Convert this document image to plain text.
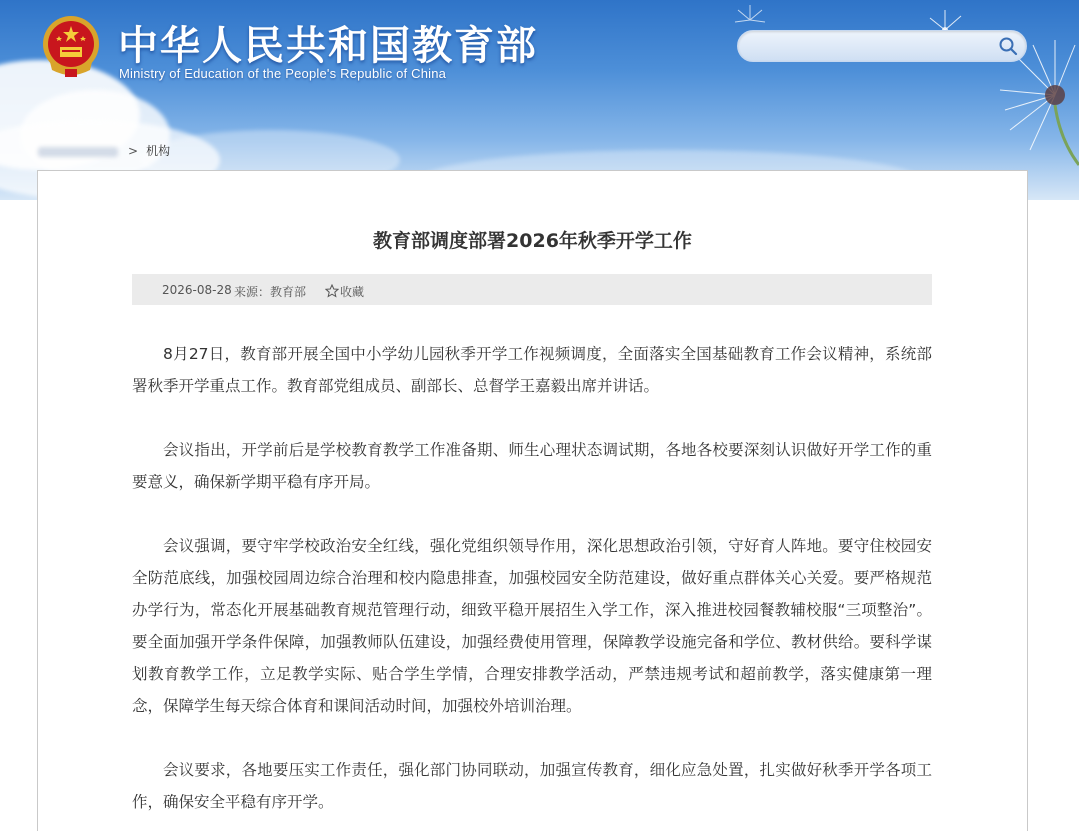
中华人民共和国教育部
Ministry of Education of the People's Republic of China
> 机构
教育部调度部署2026年秋季开学工作
2026-08-28 来源：教育部	收藏

8月27日，教育部开展全国中小学幼儿园秋季开学工作视频调度，全面落实全国基础教育工作会议精神，系统部署秋季开学重点工作。教育部党组成员、副部长、总督学王嘉毅出席并讲话。

会议指出，开学前后是学校教育教学工作准备期、师生心理状态调试期，各地各校要深刻认识做好开学工作的重要意义，确保新学期平稳有序开局。

会议强调，要守牢学校政治安全红线，强化党组织领导作用，深化思想政治引领，守好育人阵地。要守住校园安全防范底线，加强校园周边综合治理和校内隐患排查，加强校园安全防范建设，做好重点群体关心关爱。要严格规范办学行为，常态化开展基础教育规范管理行动，细致平稳开展招生入学工作，深入推进校园餐教辅校服“三项整治”。要全面加强开学条件保障，加强教师队伍建设，加强经费使用管理，保障教学设施完备和学位、教材供给。要科学谋划教育教学工作，立足教学实际、贴合学生学情，合理安排教学活动，严禁违规考试和超前教学，落实健康第一理念，保障学生每天综合体育和课间活动时间，加强校外培训治理。

会议要求，各地要压实工作责任，强化部门协同联动，加强宣传教育，细化应急处置，扎实做好秋季开学各项工作，确保安全平稳有序开学。
